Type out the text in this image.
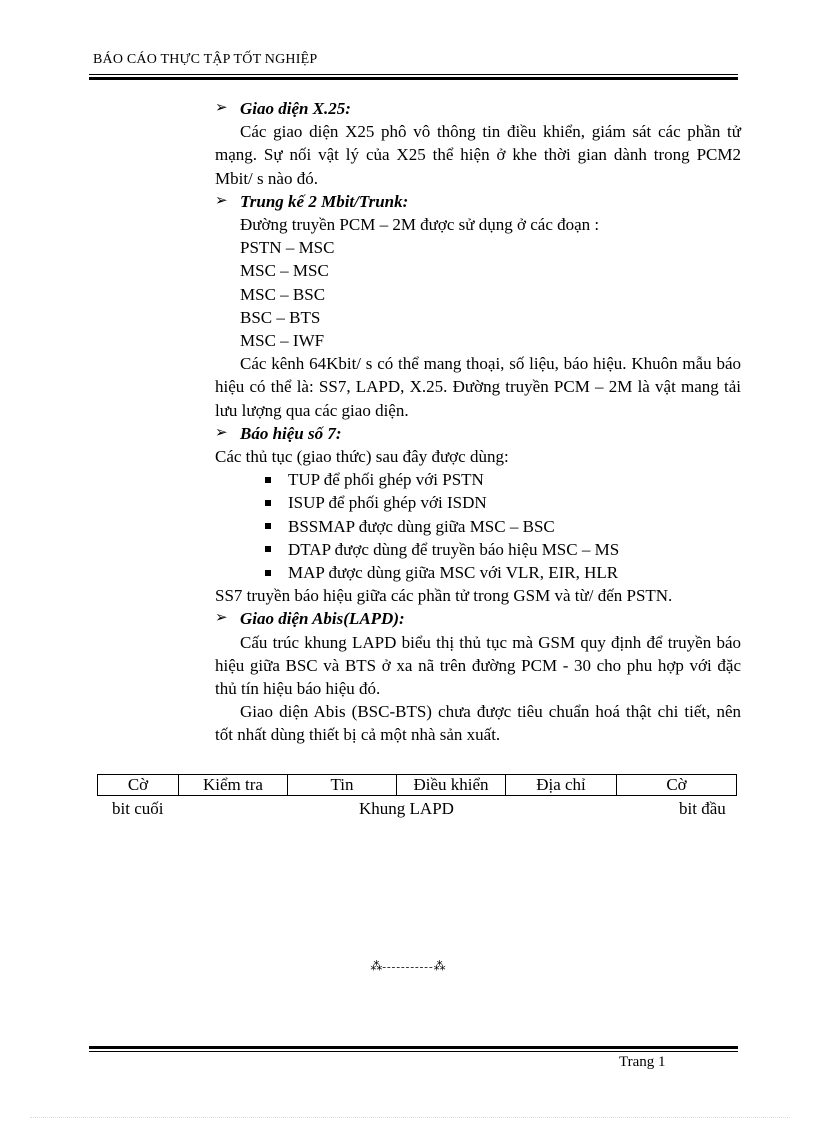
BÁO CÁO THỰC TẬP TỐT NGHIỆP

➢ Giao diện X.25:

Các giao diện X25 phô vô thông tin điều khiển, giám sát các phần tử mạng. Sự nối vật lý của X25 thể hiện ở khe thời gian dành trong PCM2 Mbit/ s nào đó.

➢ Trung kế 2 Mbit/Trunk:

Đường truyền PCM – 2M được sử dụng ở các đoạn :

PSTN – MSC

MSC – MSC

MSC – BSC

BSC – BTS

MSC – IWF

Các kênh 64Kbit/ s có thể mang thoại, số liệu, báo hiệu. Khuôn mẫu báo hiệu có thể là: SS7, LAPD, X.25. Đường truyền PCM – 2M là vật mang tải lưu lượng qua các giao diện.

➢ Báo hiệu số 7:

Các thủ tục (giao thức) sau đây được dùng:

TUP để phối ghép với PSTN
ISUP để phối ghép với ISDN
BSSMAP được dùng giữa MSC – BSC
DTAP được dùng để truyền báo hiệu MSC – MS
MAP được dùng giữa MSC với VLR, EIR, HLR

SS7 truyền báo hiệu giữa các phần tử trong GSM và từ/ đến PSTN.

➢ Giao diện Abis(LAPD):

Cấu trúc khung LAPD biểu thị thủ tục mà GSM quy định để truyền báo hiệu giữa BSC và BTS ở xa nã trên đường PCM - 30 cho phu hợp với đặc thủ tín hiệu báo hiệu đó.

Giao diện Abis (BSC-BTS) chưa được tiêu chuẩn hoá thật chi tiết, nên tốt nhất dùng thiết bị cả một nhà sản xuất.

Cờ	Kiểm tra	Tin	Điều khiển	Địa chỉ	Cờ
bit cuối	Khung LAPD	bit đầu
⁂-----------⁂
Trang 1
